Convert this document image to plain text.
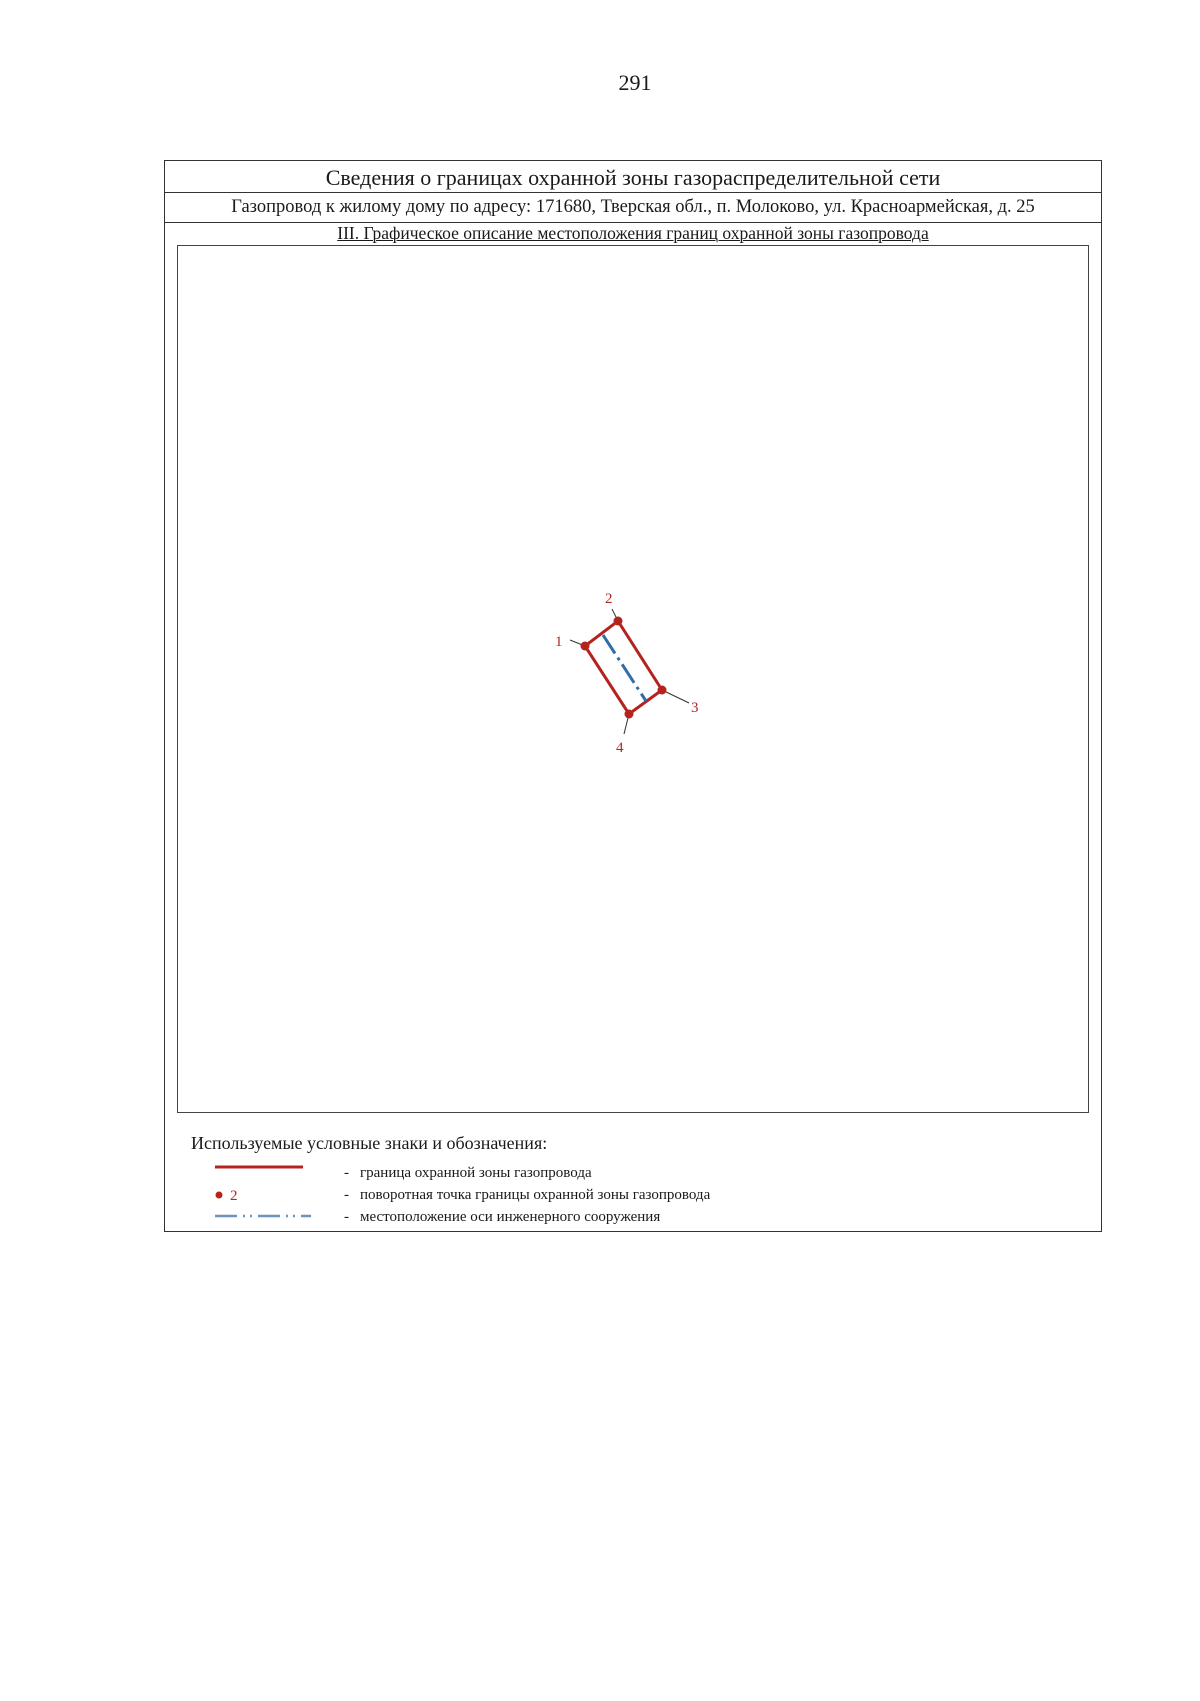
291
Сведения о границах охранной зоны газораспределительной сети
Газопровод к жилому дому по адресу: 171680, Тверская обл., п. Молоково, ул. Красноармейская, д. 25
III. Графическое описание местоположения границ охранной зоны газопровода
1
2
3
4
Используемые условные знаки и обозначения:
- граница охранной зоны газопровода
2	- поворотная точка границы охранной зоны газопровода
- местоположение оси инженерного сооружения
